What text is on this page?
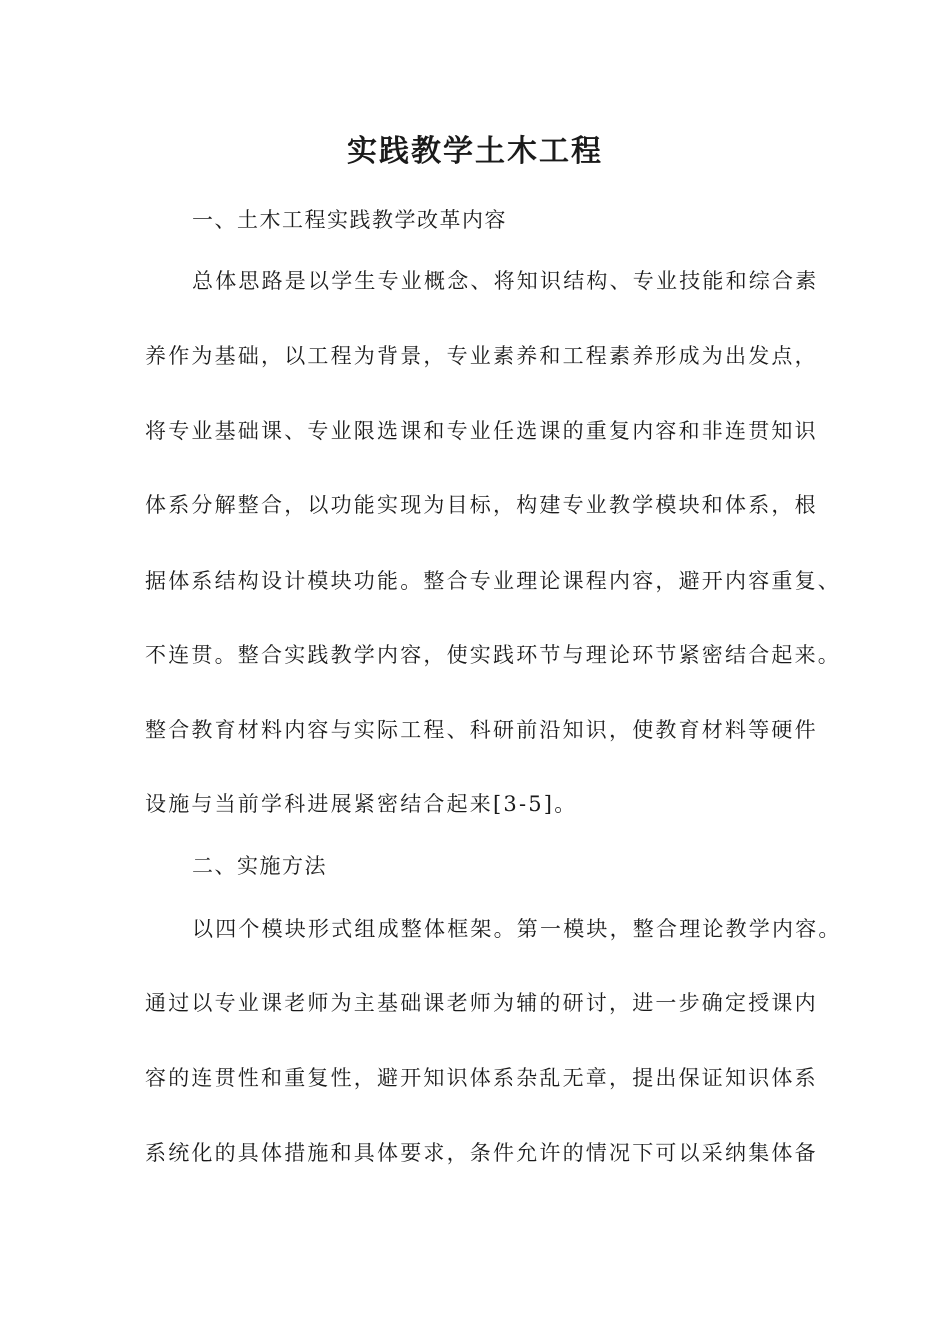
实践教学土木工程
一、土木工程实践教学改革内容
总体思路是以学生专业概念、将知识结构、专业技能和综合素
养作为基础，以工程为背景，专业素养和工程素养形成为出发点，
将专业基础课、专业限选课和专业任选课的重复内容和非连贯知识
体系分解整合，以功能实现为目标，构建专业教学模块和体系，根
据体系结构设计模块功能。整合专业理论课程内容，避开内容重复、
不连贯。整合实践教学内容，使实践环节与理论环节紧密结合起来。
整合教育材料内容与实际工程、科研前沿知识，使教育材料等硬件
设施与当前学科进展紧密结合起来[3-5]。
二、实施方法
以四个模块形式组成整体框架。第一模块，整合理论教学内容。
通过以专业课老师为主基础课老师为辅的研讨，进一步确定授课内
容的连贯性和重复性，避开知识体系杂乱无章，提出保证知识体系
系统化的具体措施和具体要求，条件允许的情况下可以采纳集体备
